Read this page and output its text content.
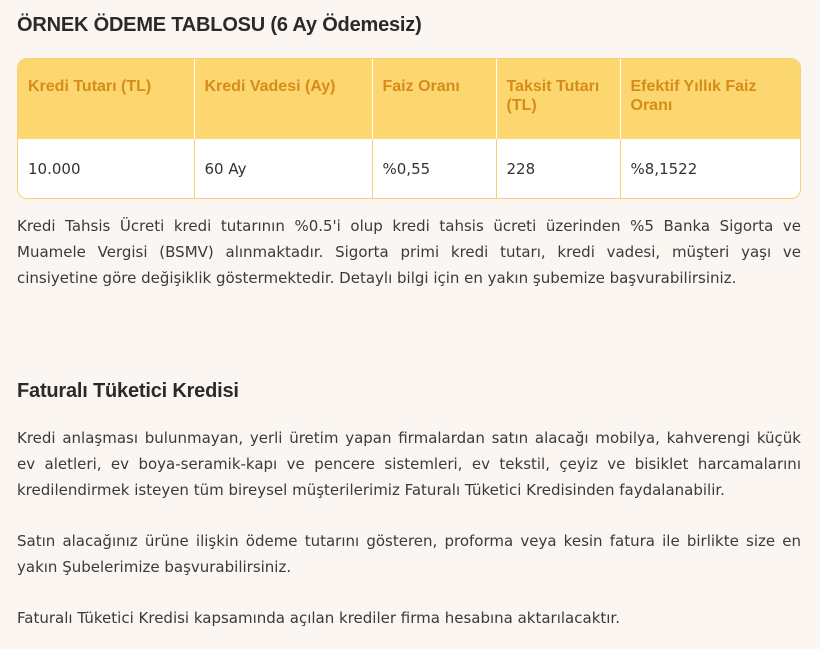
ÖRNEK ÖDEME TABLOSU (6 Ay Ödemesiz)
Kredi Tutarı (TL)	Kredi Vadesi (Ay)	Faiz Oranı	Taksit Tutarı (TL)	Efektif Yıllık Faiz Oranı
10.000	60 Ay	%0,55	228	%8,1522

Kredi Tahsis Ücreti kredi tutarının %0.5'i olup kredi tahsis ücreti üzerinden %5 Banka Sigorta ve Muamele Vergisi (BSMV) alınmaktadır. Sigorta primi kredi tutarı, kredi vadesi, müşteri yaşı ve cinsiyetine göre değişiklik göstermektedir. Detaylı bilgi için en yakın şubemize başvurabilirsiniz.

Faturalı Tüketici Kredisi

Kredi anlaşması bulunmayan, yerli üretim yapan firmalardan satın alacağı mobilya, kahverengi küçük ev aletleri, ev boya-seramik-kapı ve pencere sistemleri, ev tekstil, çeyiz ve bisiklet harcamalarını kredilendirmek isteyen tüm bireysel müşterilerimiz Faturalı Tüketici Kredisinden faydalanabilir.

Satın alacağınız ürüne ilişkin ödeme tutarını gösteren, proforma veya kesin fatura ile birlikte size en yakın Şubelerimize başvurabilirsiniz.

Faturalı Tüketici Kredisi kapsamında açılan krediler firma hesabına aktarılacaktır.
